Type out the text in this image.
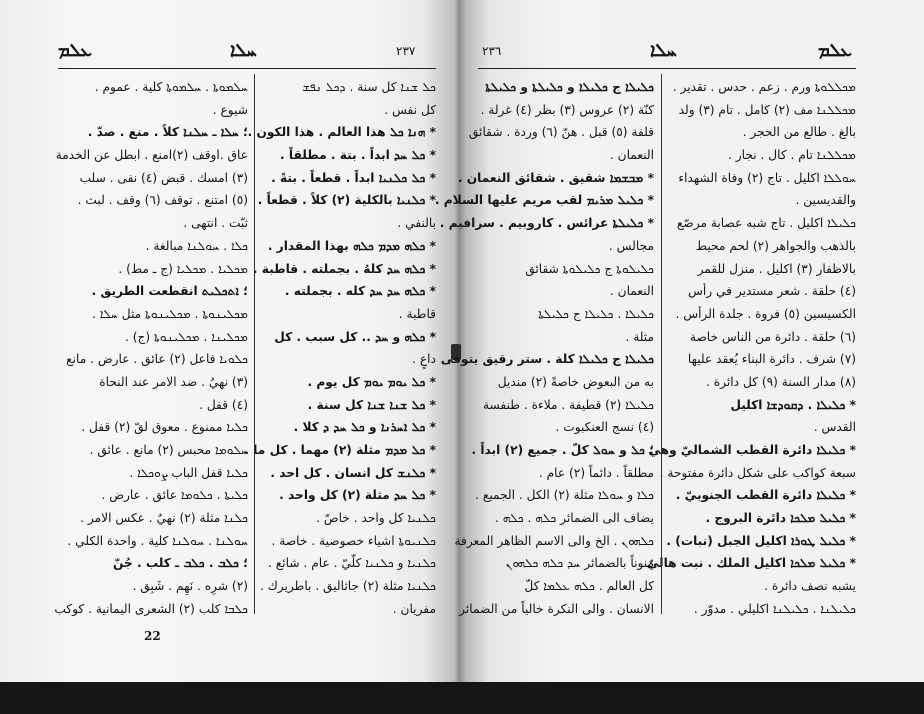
ܥܠܡ	ܚܠܐ	٢٣٧
ܟܠ ܫܢܐ كل سنة . ܕܟܠ ܢܦܫ
كل نفس .
* ܗܢܐ ܟܠ هذا العالم . هذا الكون .
* ܟܠ ܚܕ ابداً . بتة . مطلقاً .
* ܟܠ ܟܠܢܝܐ ابداً . قطعاً . بتةً .
* ܟܠܢܝܐ بالكلية (٢) كلاً . قطعاً .
بالنفي .
* ܟܠܗ ܡܕܡ ܟܠܗ بهذا المقدار .
* ܟܠܗ ܚܕ كلهُ . بجملته . قاطبة .
* ܟܠܗ ܚܕ ܚܕ كله . بجملته .
قاطبة .
* ܟܠܗ و ܚܕ .. كل سبب . كل
داعٍ .
* ܟܠ ܝܘܡ ܝܘܡ كل يوم .
* ܟܠ ܫܢܐ ܫܢܐ كل سنة .
* ܟܠ ܐܚܪܢܐ و ܟܠ ܚܕ ܕ كلا .
* ܟܠ ܡܕܡ مثلة (٢) مهما . كل ما .
* ܟܠܢܫ كل انسان . كل احد .
* ܟܠ ܚܕ مثلة (٢) كل واحد .
ܟܠܢܝܐ كل واحد . خاصّ .
ܟܠܢܝܘܬܐ اشياء خصوصية . خاصة .
ܟܠܢܝܐ و ܟܠܢܝܐ كلّيّ . عام . شائع .
ܟܠܢܝܐ مثلة (٢) جاثاليق . باطريرك .
مفريان .
ܚܠܡܘܬܐ . ܚܠܡܘܬܐ كلية . عموم .
شيوع .
؛ ܚܠܐ ـ ܚܠܢܐ كلاً . منع . صدّ .
عاق .اوقف (٢)امنع . ابطل عن الخدمة
(٣) امسك . قبض (٤) نفى . سلب
(٥) امتنع . توقف (٦) وقف . لبث .
ثبّت . انتهى .
ܟܠܐ . ܚܘܠܢܐ مبالغة .
ܡܟܠܝܐ . ܡܟܠܝܐ (ج ـ مط) .
؛ ܐܬܟܠܝܬ انقطعت الطريق .
ܡܟܠܝܢܘܬܐ . ܡܟܠܝܢܘܬܐ مثل ܚܠܐ .
ܡܟܠܝܢܐ . ܡܟܠܝܢܘܬܐ (ج) .
ܟܠܘܝܐ فاعل (٢) عائق . عارض . مانع
(٣) نهيٌ . ضد الامر عند النحاة
(٤) قفل .
ܟܠܝܐ ممنوع . معوق لقّ (٢) قفل .
ܚܠܘܡܐ محبس (٢) مانع . عائق .
ܟܠܝܐ قفل الباب ܨܘܟܠܐ .
ܟܠܝܬܐ . ܟܠܘܡܐ عائق . عارض .
ܟܠܢܐ مثلة (٢) نهيٌ . عكس الامر .
ܚܘܠܢܐ . ܚܘܠܢܐ كلية . واحدة الكلي .
؛ ܟܠܒ . ܟܠܒ ـ كلب . جُنّ
(٢) شرِه . نَهِم . شَبِق .
ܟܠܒܐ كلب (٢) الشعرى اليمانية . كوكب
22
٢٣٦	ܚܠܐ	ܥܠܡ
ܡܟܠܠܘܬܐ ورم . زعم . حدس . تقدير .
ܡܟܠܠܢܐ مف (٢) كامل . تام (٣) ولد
بالغ . طالع من الحجر .
ܡܟܠܠܢܐ تام . كال . نجار .
ܚܘܠܠܐ اكليل . تاج (٢) وفاة الشهداء
والقديسين .
ܟܠܝܠܐ اكليل . تاج شبه عصابة مرصّع
بالذهب والجواهر (٢) لحم محيط
بالاظفار (٣) اكليل . منزل للقمر
(٤) حلقة . شعر مستدير في رأس
الكسيسين (٥) فروة . جلدة الرأس .
(٦) حلقة . دائرة من الناس خاصة
(٧) شرف . دائرة البناء يُعقد عليها
(٨) مدار السنة (٩) كل دائرة .
* ܟܠܝܠܐ . ܕܩܘܕܫܐ اكليل
القدس .
* ܟܠܝܠܐ دائرة القطب الشماليّ وهي
سبعة كواكب على شكل دائرة مفتوحة .
* ܟܠܝܠܐ دائرة القطب الجنوبيّ .
* ܟܠܝܠ ܡܠܟܐ دائرة البروج .
* ܟܠܝܠ ܛܘܪܐ اكليل الجبل (نبات) .
* ܟܠܝܠ ܡܠܟܐ اكليل الملك . نبت هاليٌ
يشبه نصف دائرة .
ܟܠܝܠܢܐ . ܟܠܝܠܢܐ اكليلي . مدوّر .
ܟܠܝܠܐ ج ܟܠܝܠܐ و ܟܠܝܠܬܐ و ܟܠܝܠܬܐ
كنّة (٢) عروس (٣) بظر (٤) غرلة .
قلفة (٥) قبل . هنّ (٦) وردة . شقائق
النعمان .
* ܡܒܫܡܐ شقيق . شقائق النعمان .
* ܟܠܝܠ ܡܪܝܡ لقب مريم عليها السلام .
* ܟܠܝܠܬܐ عرائس . كاروبيم . سرافيم .
مجالس .
ܟܠܝܠܘܬܐ ج ܟܠܝܠܘܬܐ شقائق
النعمان .
ܟܠܝܠܐ . ܟܠܝܠܐ ج ܟܠܝܠܬܐ
مثلة .
ܟܠܝܠܐ ج ܟܠܝܠܐ كلة . ستر رقيق يتوقى
به من البعوض خاصةً (٢) منديل
ܟܠܝܠܐ (٢) قطيفة . ملاءة . طنفسة
(٤) نسج العنكبوت .
؛ ܟܠ و ܚܘܠ كلّ . جميع (٢) ابداً .
مطلقاً . دائماً (٢) عام .
ܟܠܐ و ܚܘܠܐ مثلة (٢) الكل . الجميع .
يضاف الى الضمائر ܟܠܗ . ܟܠܗ .
ܟܠܗܘܢ . الخ والى الاسم الظاهر المعرفة
منوناً بالضمائر ܚܕ ܟܠܗ ܟܠܗܘܢ
كل العالم . ܟܠܗ ܥܠܡܐ كلّ
الانسان . والى النكرة خالياً من الضمائر
